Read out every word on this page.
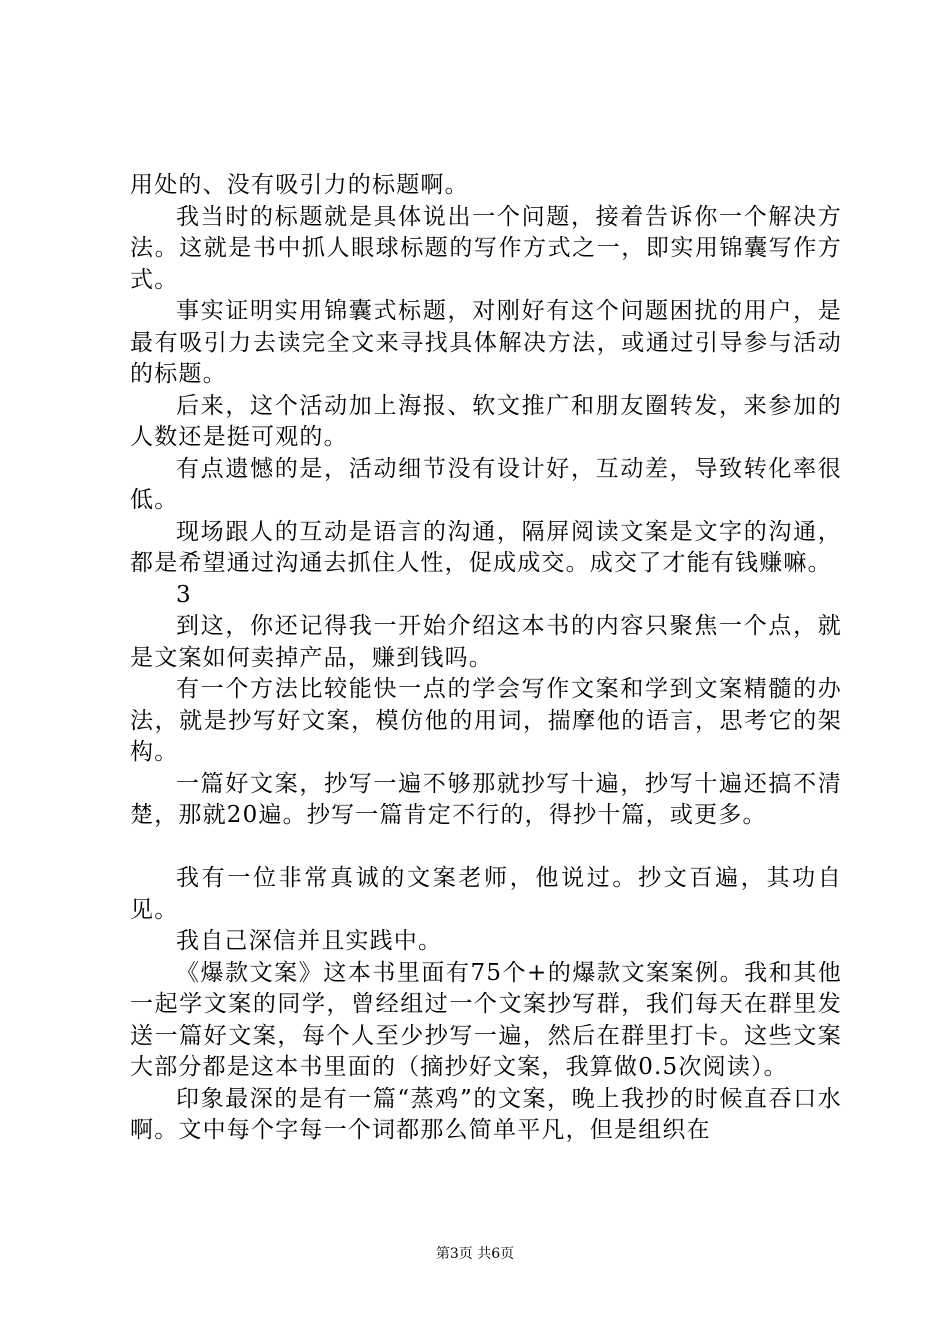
用处的、没有吸引力的标题啊。

我当时的标题就是具体说出一个问题，接着告诉你一个解决方法。这就是书中抓人眼球标题的写作方式之一，即实用锦囊写作方式。

事实证明实用锦囊式标题，对刚好有这个问题困扰的用户，是最有吸引力去读完全文来寻找具体解决方法，或通过引导参与活动的标题。

后来，这个活动加上海报、软文推广和朋友圈转发，来参加的人数还是挺可观的。

有点遗憾的是，活动细节没有设计好，互动差，导致转化率很低。

现场跟人的互动是语言的沟通，隔屏阅读文案是文字的沟通，都是希望通过沟通去抓住人性，促成成交。成交了才能有钱赚嘛。

3

到这，你还记得我一开始介绍这本书的内容只聚焦一个点，就是文案如何卖掉产品，赚到钱吗。

有一个方法比较能快一点的学会写作文案和学到文案精髓的办法，就是抄写好文案，模仿他的用词，揣摩他的语言，思考它的架构。

一篇好文案，抄写一遍不够那就抄写十遍，抄写十遍还搞不清楚，那就20遍。抄写一篇肯定不行的，得抄十篇，或更多。

我有一位非常真诚的文案老师，他说过。抄文百遍，其功自见。

我自己深信并且实践中。

《爆款文案》这本书里面有75个+的爆款文案案例。我和其他一起学文案的同学，曾经组过一个文案抄写群，我们每天在群里发送一篇好文案，每个人至少抄写一遍，然后在群里打卡。这些文案大部分都是这本书里面的（摘抄好文案，我算做0.5次阅读）。

印象最深的是有一篇“蒸鸡”的文案，晚上我抄的时候直吞口水啊。文中每个字每一个词都那么简单平凡，但是组织在

第3页 共6页
